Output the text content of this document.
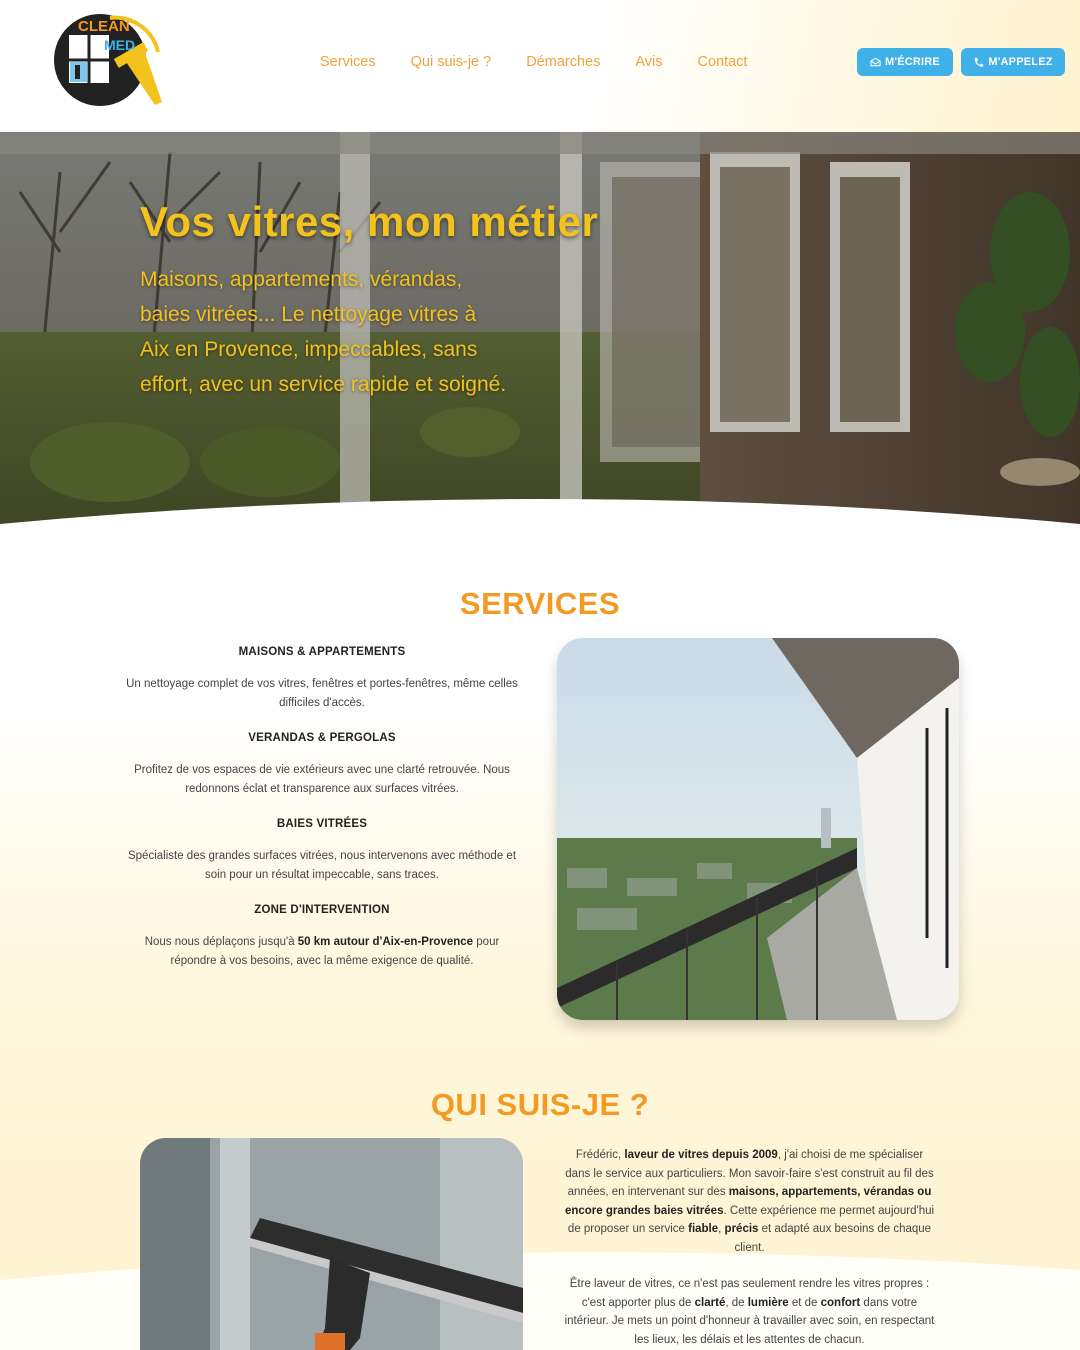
CLEAN
MED
Services Qui suis-je ? Démarches Avis Contact	M'ÉCRIRE	M'APPELEZ
Vos vitres, mon métier

Maisons, appartements, vérandas, baies vitrées... Le nettoyage vitres à Aix en Provence, impeccables, sans effort, avec un service rapide et soigné.

SERVICES
MAISONS & APPARTEMENTS
Un nettoyage complet de vos vitres, fenêtres et portes-fenêtres, même celles difficiles d'accès.
VERANDAS & PERGOLAS
Profitez de vos espaces de vie extérieurs avec une clarté retrouvée. Nous redonnons éclat et transparence aux surfaces vitrées.
BAIES VITRÉES
Spécialiste des grandes surfaces vitrées, nous intervenons avec méthode et soin pour un résultat impeccable, sans traces.
ZONE D'INTERVENTION
Nous nous déplaçons jusqu'à 50 km autour d'Aix-en-Provence pour répondre à vos besoins, avec la même exigence de qualité.
QUI SUIS-JE ?

Frédéric, laveur de vitres depuis 2009, j'ai choisi de me spécialiser dans le service aux particuliers. Mon savoir-faire s'est construit au fil des années, en intervenant sur des maisons, appartements, vérandas ou encore grandes baies vitrées. Cette expérience me permet aujourd'hui de proposer un service fiable, précis et adapté aux besoins de chaque client.

Être laveur de vitres, ce n'est pas seulement rendre les vitres propres : c'est apporter plus de clarté, de lumière et de confort dans votre intérieur. Je mets un point d'honneur à travailler avec soin, en respectant les lieux, les délais et les attentes de chacun.
